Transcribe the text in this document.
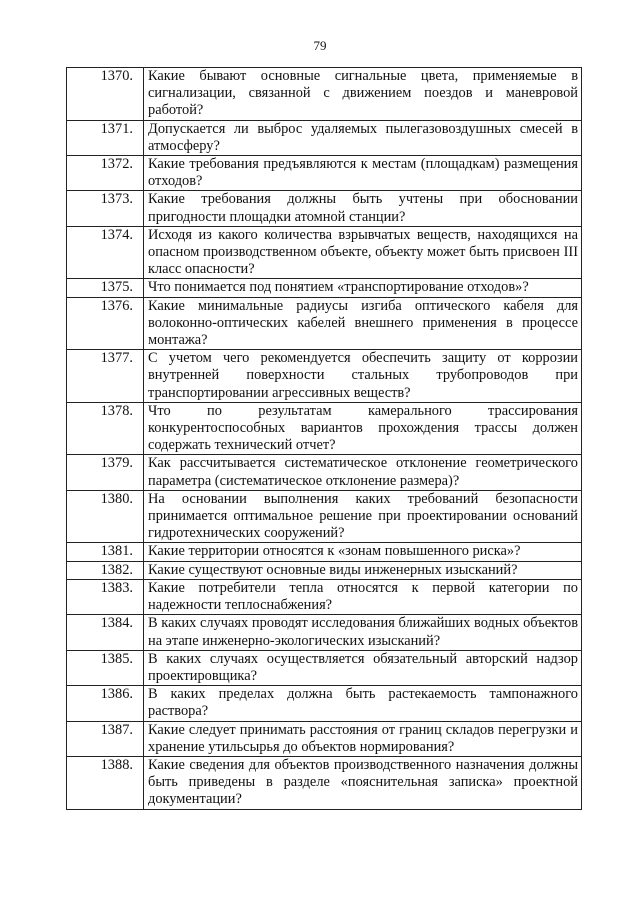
79
1370.	Какие бывают основные сигнальные цвета, применяемые в сигнализации, связанной с движением поездов и маневровой работой?
1371.	Допускается ли выброс удаляемых пылегазовоздушных смесей в атмосферу?
1372.	Какие требования предъявляются к местам (площадкам) размещения отходов?
1373.	Какие требования должны быть учтены при обосновании пригодности площадки атомной станции?
1374.	Исходя из какого количества взрывчатых веществ, находящихся на опасном производственном объекте, объекту может быть присвоен III класс опасности?
1375.	Что понимается под понятием «транспортирование отходов»?
1376.	Какие минимальные радиусы изгиба оптического кабеля для волоконно-оптических кабелей внешнего применения в процессе монтажа?
1377.	С учетом чего рекомендуется обеспечить защиту от коррозии внутренней поверхности стальных трубопроводов при транспортировании агрессивных веществ?
1378.	Что по результатам камерального трассирования конкурентоспособных вариантов прохождения трассы должен содержать технический отчет?
1379.	Как рассчитывается систематическое отклонение геометрического параметра (систематическое отклонение размера)?
1380.	На основании выполнения каких требований безопасности принимается оптимальное решение при проектировании оснований гидротехнических сооружений?
1381.	Какие территории относятся к «зонам повышенного риска»?
1382.	Какие существуют основные виды инженерных изысканий?
1383.	Какие потребители тепла относятся к первой категории по надежности теплоснабжения?
1384.	В каких случаях проводят исследования ближайших водных объектов на этапе инженерно-экологических изысканий?
1385.	В каких случаях осуществляется обязательный авторский надзор проектировщика?
1386.	В каких пределах должна быть растекаемость тампонажного раствора?
1387.	Какие следует принимать расстояния от границ складов перегрузки и хранение утильсырья до объектов нормирования?
1388.	Какие сведения для объектов производственного назначения должны быть приведены в разделе «пояснительная записка» проектной документации?
